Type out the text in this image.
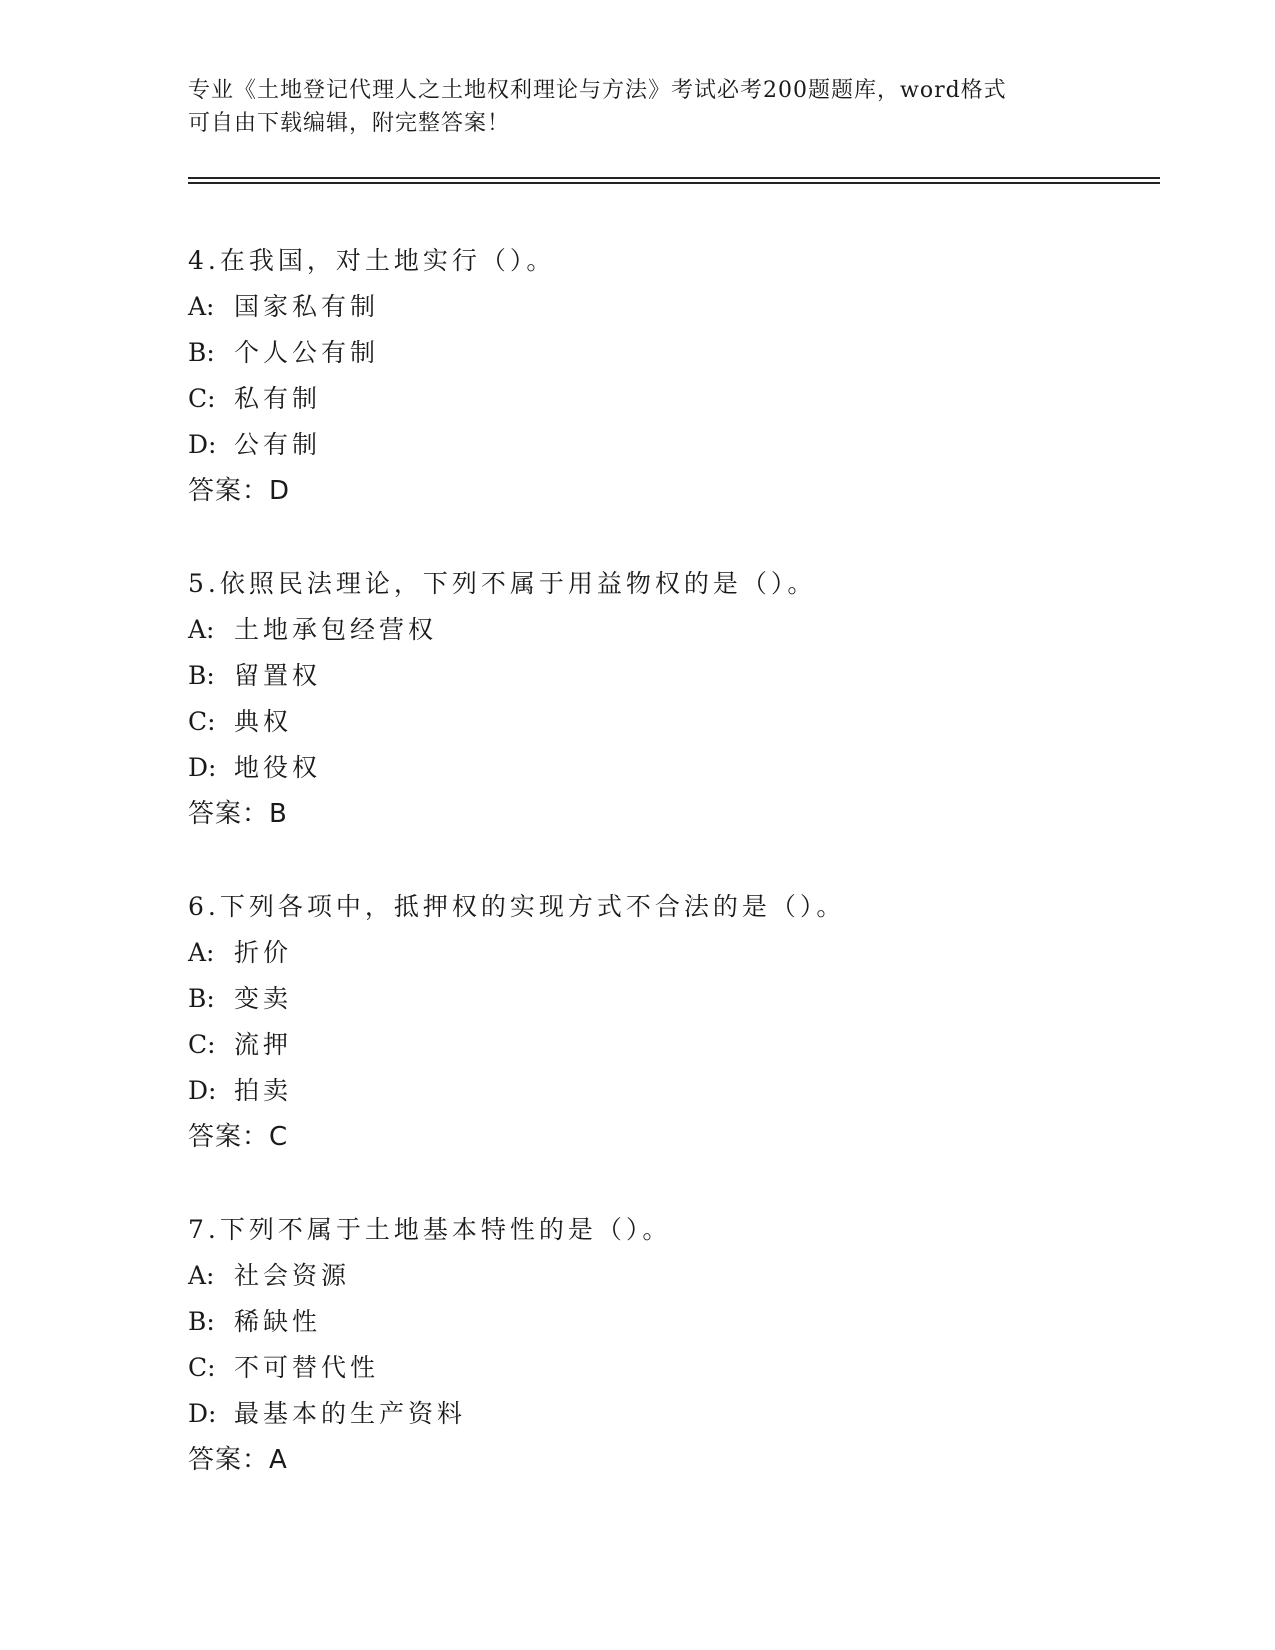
专业《土地登记代理人之土地权利理论与方法》考试必考200题题库，word格式
可自由下载编辑，附完整答案！
4.在我国，对土地实行（）。
A: 国家私有制
B: 个人公有制
C: 私有制
D: 公有制
答案：D
5.依照民法理论，下列不属于用益物权的是（）。
A: 土地承包经营权
B: 留置权
C: 典权
D: 地役权
答案：B
6.下列各项中，抵押权的实现方式不合法的是（）。
A: 折价
B: 变卖
C: 流押
D: 拍卖
答案：C
7.下列不属于土地基本特性的是（）。
A: 社会资源
B: 稀缺性
C: 不可替代性
D: 最基本的生产资料
答案：A
